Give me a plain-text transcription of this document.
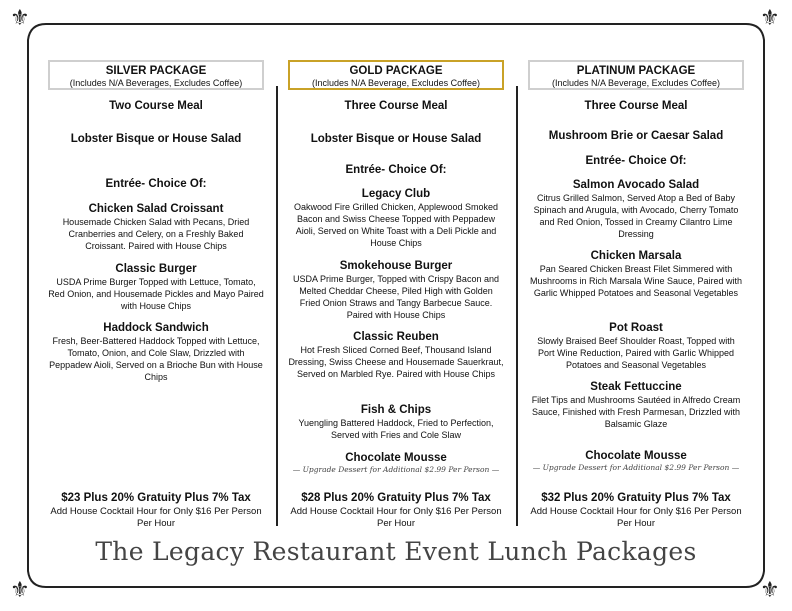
⚜	⚜
⚜	⚜
SILVER PACKAGE
(Includes N/A Beverages, Excludes Coffee)
Two Course Meal
Lobster Bisque or House Salad
Entrée- Choice Of:
Chicken Salad Croissant
Housemade Chicken Salad with Pecans, Dried Cranberries and Celery, on a Freshly Baked Croissant. Paired with House Chips
Classic Burger
USDA Prime Burger Topped with Lettuce, Tomato, Red Onion, and Housemade Pickles and Mayo Paired with House Chips
Haddock Sandwich
Fresh, Beer-Battered Haddock Topped with Lettuce, Tomato, Onion, and Cole Slaw, Drizzled with Peppadew Aioli, Served on a Brioche Bun with House Chips
$23 Plus 20% Gratuity Plus 7% Tax
Add House Cocktail Hour for Only $16 Per Person Per Hour
GOLD PACKAGE
(Includes N/A Beverage, Excludes Coffee)
Three Course Meal
Lobster Bisque or House Salad
Entrée- Choice Of:
Legacy Club
Oakwood Fire Grilled Chicken, Applewood Smoked Bacon and Swiss Cheese Topped with Peppadew Aioli, Served on White Toast with a Deli Pickle and House Chips
Smokehouse Burger
USDA Prime Burger, Topped with Crispy Bacon and Melted Cheddar Cheese, Piled High with Golden Fried Onion Straws and Tangy Barbecue Sauce. Paired with House Chips
Classic Reuben
Hot Fresh Sliced Corned Beef, Thousand Island Dressing, Swiss Cheese and Housemade Sauerkraut, Served on Marbled Rye. Paired with House Chips
Fish & Chips
Yuengling Battered Haddock, Fried to Perfection, Served with Fries and Cole Slaw
Chocolate Mousse
— Upgrade Dessert for Additional $2.99 Per Person —
$28 Plus 20% Gratuity Plus 7% Tax
Add House Cocktail Hour for Only $16 Per Person Per Hour
PLATINUM PACKAGE
(Includes N/A Beverage, Excludes Coffee)
Three Course Meal
Mushroom Brie or Caesar Salad
Entrée- Choice Of:
Salmon Avocado Salad
Citrus Grilled Salmon, Served Atop a Bed of Baby Spinach and Arugula, with Avocado, Cherry Tomato and Red Onion, Tossed in Creamy Cilantro Lime Dressing
Chicken Marsala
Pan Seared Chicken Breast Filet Simmered with Mushrooms in Rich Marsala Wine Sauce, Paired with Garlic Whipped Potatoes and Seasonal Vegetables
Pot Roast
Slowly Braised Beef Shoulder Roast, Topped with Port Wine Reduction, Paired with Garlic Whipped Potatoes and Seasonal Vegetables
Steak Fettuccine
Filet Tips and Mushrooms Sautéed in Alfredo Cream Sauce, Finished with Fresh Parmesan, Drizzled with Balsamic Glaze
Chocolate Mousse
— Upgrade Dessert for Additional $2.99 Per Person —
$32 Plus 20% Gratuity Plus 7% Tax
Add House Cocktail Hour for Only $16 Per Person Per Hour
The Legacy Restaurant Event Lunch Packages
